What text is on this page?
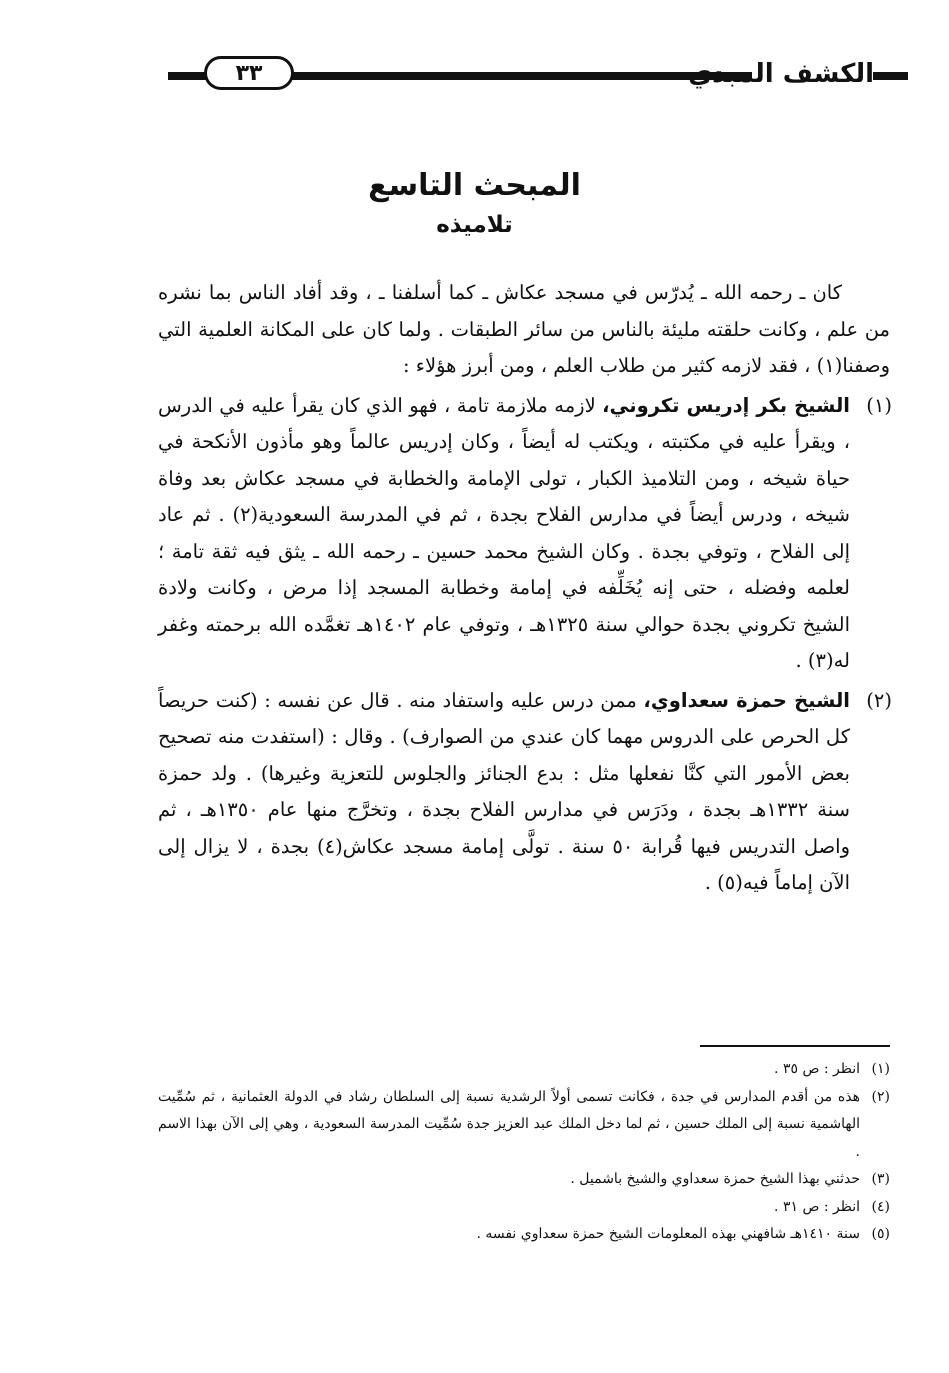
٣٣	الكشف المبدي
المبحث التاسع
تلاميذه

كان ـ رحمه الله ـ يُدرّس في مسجد عكاش ـ كما أسلفنا ـ ، وقد أفاد الناس بما نشره من علم ، وكانت حلقته مليئة بالناس من سائر الطبقات . ولما كان على المكانة العلمية التي وصفنا(١) ، فقد لازمه كثير من طلاب العلم ، ومن أبرز هؤلاء :

(١)
الشيخ بكر إدريس تكروني، لازمه ملازمة تامة ، فهو الذي كان يقرأ عليه في الدرس ، ويقرأ عليه في مكتبته ، ويكتب له أيضاً ، وكان إدريس عالماً وهو مأذون الأنكحة في حياة شيخه ، ومن التلاميذ الكبار ، تولى الإمامة والخطابة في مسجد عكاش بعد وفاة شيخه ، ودرس أيضاً في مدارس الفلاح بجدة ، ثم في المدرسة السعودية(٢) . ثم عاد إلى الفلاح ، وتوفي بجدة . وكان الشيخ محمد حسين ـ رحمه الله ـ يثق فيه ثقة تامة ؛ لعلمه وفضله ، حتى إنه يُخَلِّفه في إمامة وخطابة المسجد إذا مرض ، وكانت ولادة الشيخ تكروني بجدة حوالي سنة ١٣٢٥هـ ، وتوفي عام ١٤٠٢هـ تغمَّده الله برحمته وغفر له(٣) .

(٢)
الشيخ حمزة سعداوي، ممن درس عليه واستفاد منه . قال عن نفسه : (كنت حريصاً كل الحرص على الدروس مهما كان عندي من الصوارف) . وقال : (استفدت منه تصحيح بعض الأمور التي كنَّا نفعلها مثل : بدع الجنائز والجلوس للتعزية وغيرها) . ولد حمزة سنة ١٣٣٢هـ بجدة ، ودَرَس في مدارس الفلاح بجدة ، وتخرَّج منها عام ١٣٥٠هـ ، ثم واصل التدريس فيها قُرابة ٥٠ سنة . تولَّى إمامة مسجد عكاش(٤) بجدة ، لا يزال إلى الآن إماماً فيه(٥) .

(١)
انظر : ص ٣٥ .

(٢)
هذه من أقدم المدارس في جدة ، فكانت تسمى أولاً الرشدية نسبة إلى السلطان رشاد في الدولة العثمانية ، ثم سُمِّيت الهاشمية نسبة إلى الملك حسين ، ثم لما دخل الملك عبد العزيز جدة سُمِّيت المدرسة السعودية ، وهي إلى الآن بهذا الاسم .

(٣)
حدثني بهذا الشيخ حمزة سعداوي والشيخ باشميل .

(٤)
انظر : ص ٣١ .

(٥)
سنة ١٤١٠هـ شافهني بهذه المعلومات الشيخ حمزة سعداوي نفسه .
